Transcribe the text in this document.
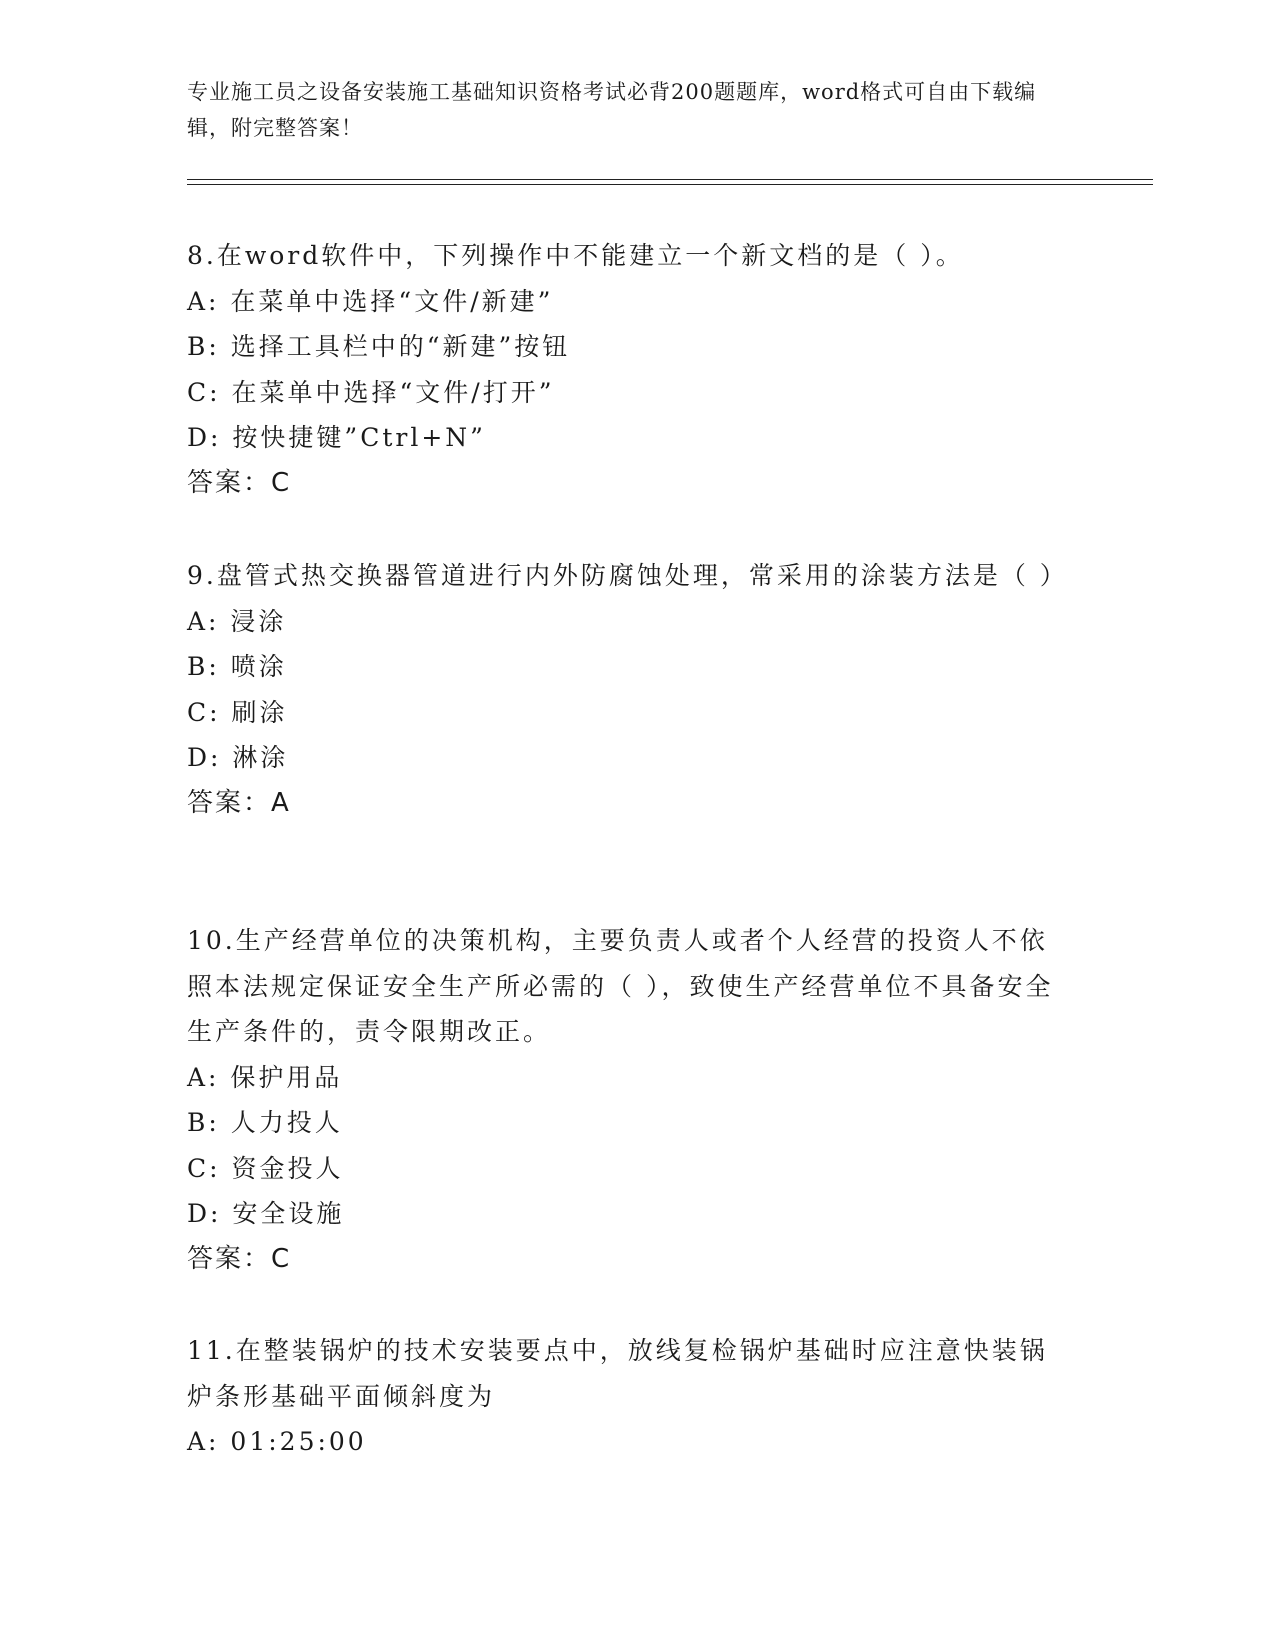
专业施工员之设备安装施工基础知识资格考试必背200题题库，word格式可自由下载编辑，附完整答案！

8.在word软件中，下列操作中不能建立一个新文档的是（ ）。

A: 在菜单中选择“文件/新建”

B: 选择工具栏中的“新建”按钮

C: 在菜单中选择“文件/打开”

D: 按快捷键”Ctrl+N”

答案：C

9.盘管式热交换器管道进行内外防腐蚀处理，常采用的涂装方法是（ ）

A: 浸涂

B: 喷涂

C: 刷涂

D: 淋涂

答案：A

10.生产经营单位的决策机构，主要负责人或者个人经营的投资人不依照本法规定保证安全生产所必需的（ ），致使生产经营单位不具备安全生产条件的，责令限期改正。

A: 保护用品

B: 人力投人

C: 资金投人

D: 安全设施

答案：C

11.在整装锅炉的技术安装要点中，放线复检锅炉基础时应注意快装锅炉条形基础平面倾斜度为

A: 01:25:00
